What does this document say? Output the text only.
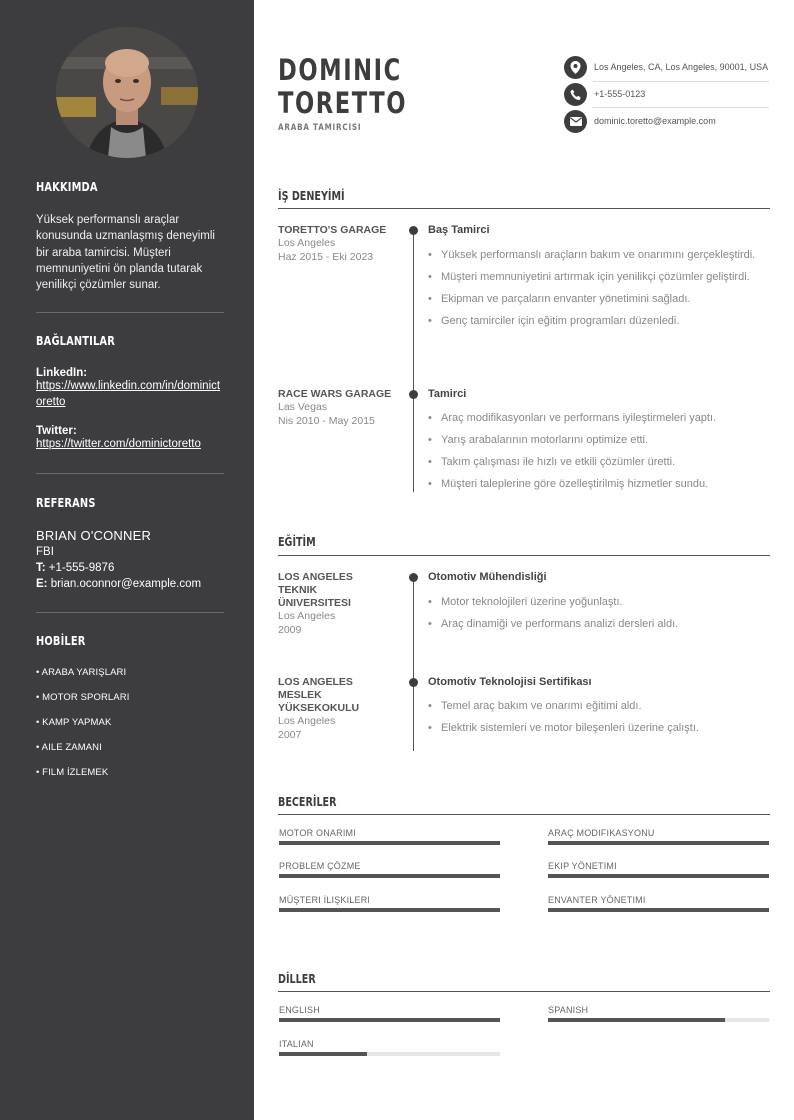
HAKKIMDA
Yüksek performanslı araçlar konusunda uzmanlaşmış deneyimli bir araba tamircisi. Müşteri memnuniyetini ön planda tutarak yenilikçi çözümler sunar.
BAĞLANTILAR
LinkedIn:
https://www.linkedin.com/in/dominictoretto
Twitter:
https://twitter.com/dominictoretto
REFERANS
BRIAN O'CONNER
FBI
T: +1-555-9876
E: brian.oconnor@example.com
HOBİLER
• ARABA YARIŞLARI
• MOTOR SPORLARI
• KAMP YAPMAK
• AILE ZAMANI
• FILM İZLEMEK
DOMINIC
TORETTO
ARABA TAMIRCISI
Los Angeles, CA, Los Angeles, 90001, USA
+1-555-0123
dominic.toretto@example.com
İŞ DENEYİMİ
TORETTO'S GARAGE
Los Angeles
Haz 2015 - Eki 2023
Baş Tamirci
• Yüksek performanslı araçların bakım ve onarımını gerçekleştirdi.
• Müşteri memnuniyetini artırmak için yenilikçi çözümler geliştirdi.
• Ekipman ve parçaların envanter yönetimini sağladı.
• Genç tamirciler için eğitim programları düzenledi.
RACE WARS GARAGE
Las Vegas
Nis 2010 - May 2015
Tamirci
• Araç modifikasyonları ve performans iyileştirmeleri yaptı.
• Yarış arabalarının motorlarını optimize etti.
• Takım çalışması ile hızlı ve etkili çözümler üretti.
• Müşteri taleplerine göre özelleştirilmiş hizmetler sundu.
EĞİTİM
LOS ANGELES
TEKNIK
ÜNIVERSITESI
Los Angeles
2009
Otomotiv Mühendisliği
• Motor teknolojileri üzerine yoğunlaştı.
• Araç dinamiği ve performans analizi dersleri aldı.
LOS ANGELES
MESLEK
YÜKSEKOKULU
Los Angeles
2007
Otomotiv Teknolojisi Sertifikası
• Temel araç bakım ve onarımı eğitimi aldı.
• Elektrik sistemleri ve motor bileşenleri üzerine çalıştı.
BECERİLER
MOTOR ONARIMI	ARAÇ MODIFIKASYONU
PROBLEM ÇÖZME	EKIP YÖNETIMI
MÜŞTERI İLIŞKILERI	ENVANTER YÖNETIMI
DİLLER
ENGLISH	SPANISH
ITALIAN
